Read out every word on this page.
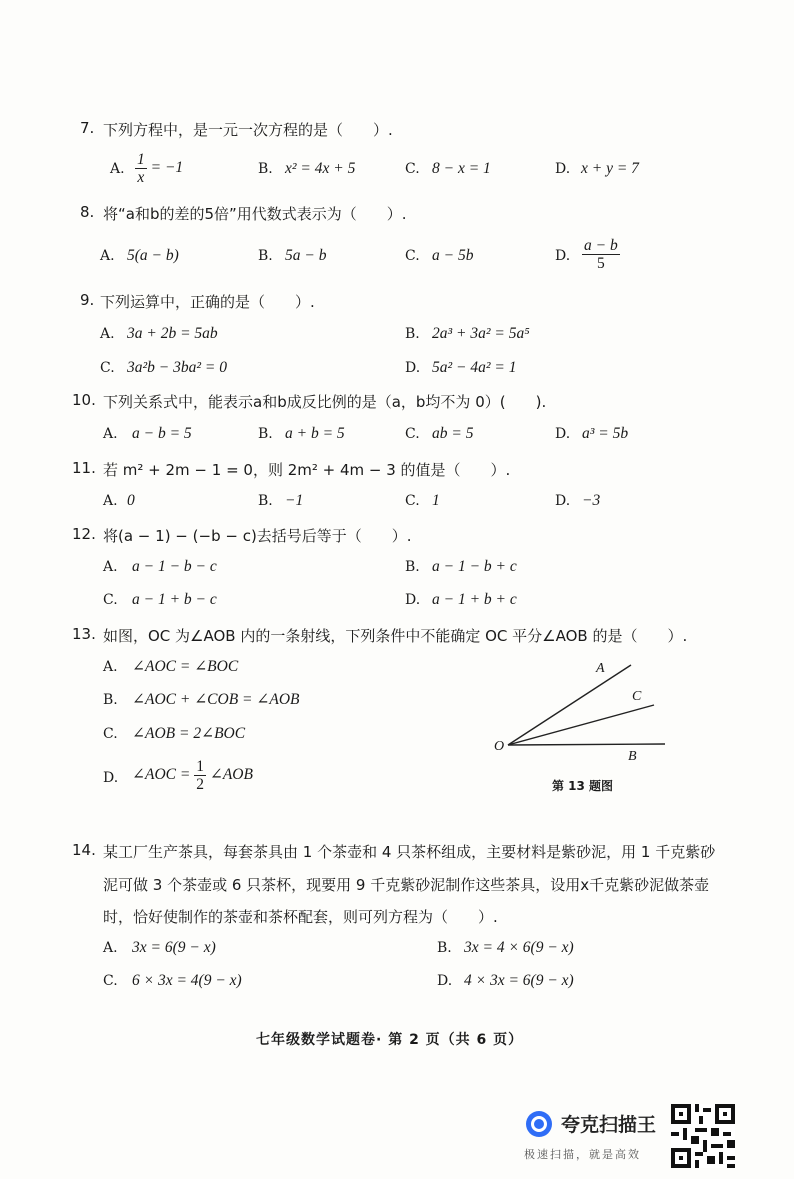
7. 下列方程中，是一元一次方程的是（　　）.
A. $\frac{1}{x} = -1$	B. x² = 4x + 5	C. 8 − x = 1	D. x + y = 7
8. 将“a和b的差的5倍”用代数式表示为（　　）.
A. 5(a − b)	B. 5a − b	C. a − 5b	D. $\frac{a - b}{5}$
9. 下列运算中，正确的是（　　）.
A. 3a + 2b = 5ab	B. 2a³ + 3a² = 5a⁵
C. 3a²b − 3ba² = 0	D. 5a² − 4a² = 1
10. 下列关系式中，能表示a和b成反比例的是（a，b均不为 0）(　　).
A. a − b = 5	B. a + b = 5	C. ab = 5	D. a³ = 5b
11. 若 m² + 2m − 1 = 0，则 2m² + 4m − 3 的值是（　　）.
A. 0	B. −1	C. 1	D. −3
12. 将(a − 1) − (−b − c)去括号后等于（　　）.
A. a − 1 − b − c	B. a − 1 − b + c
C. a − 1 + b − c	D. a − 1 + b + c
13. 如图，OC 为∠AOB 内的一条射线，下列条件中不能确定 OC 平分∠AOB 的是（　　）.
A. ∠AOC = ∠BOC
B. ∠AOC + ∠COB = ∠AOB
C. ∠AOB = 2∠BOC
D. ∠AOC = $\frac{1}{2}$ ∠AOB
A
C
O
B
第 13 题图
14. 某工厂生产茶具，每套茶具由 1 个茶壶和 4 只茶杯组成，主要材料是紫砂泥，用 1 千克紫砂
泥可做 3 个茶壶或 6 只茶杯，现要用 9 千克紫砂泥制作这些茶具，设用x千克紫砂泥做茶壶
时，恰好使制作的茶壶和茶杯配套，则可列方程为（　　）.
A. 3x = 6(9 − x)	B. 3x = 4 × 6(9 − x)
C. 6 × 3x = 4(9 − x)	D. 4 × 3x = 6(9 − x)
七年级数学试题卷· 第 2 页（共 6 页）
夸克扫描王
极速扫描，就是高效
